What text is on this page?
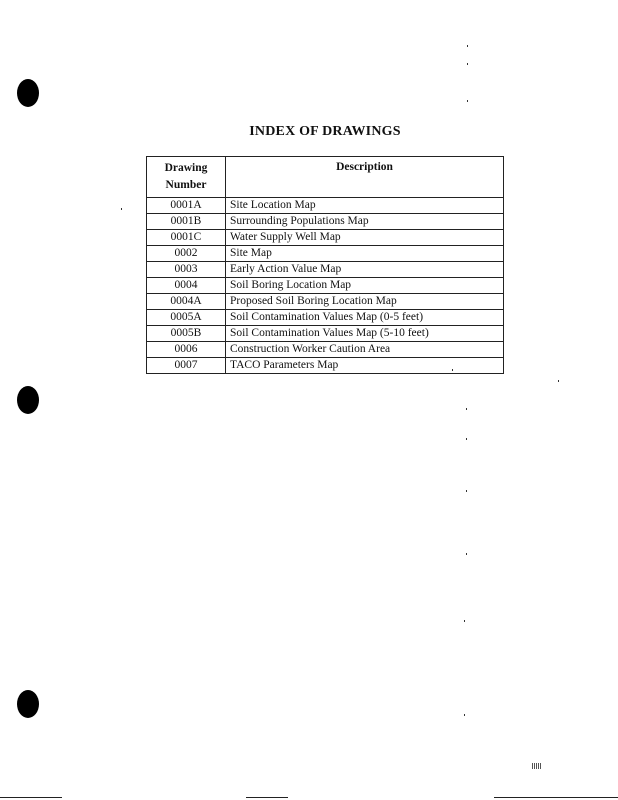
INDEX OF DRAWINGS
Drawing Number	Description
0001A	Site Location Map
0001B	Surrounding Populations Map
0001C	Water Supply Well Map
0002	Site Map
0003	Early Action Value Map
0004	Soil Boring Location Map
0004A	Proposed Soil Boring Location Map
0005A	Soil Contamination Values Map (0-5 feet)
0005B	Soil Contamination Values Map (5-10 feet)
0006	Construction Worker Caution Area
0007	TACO Parameters Map
